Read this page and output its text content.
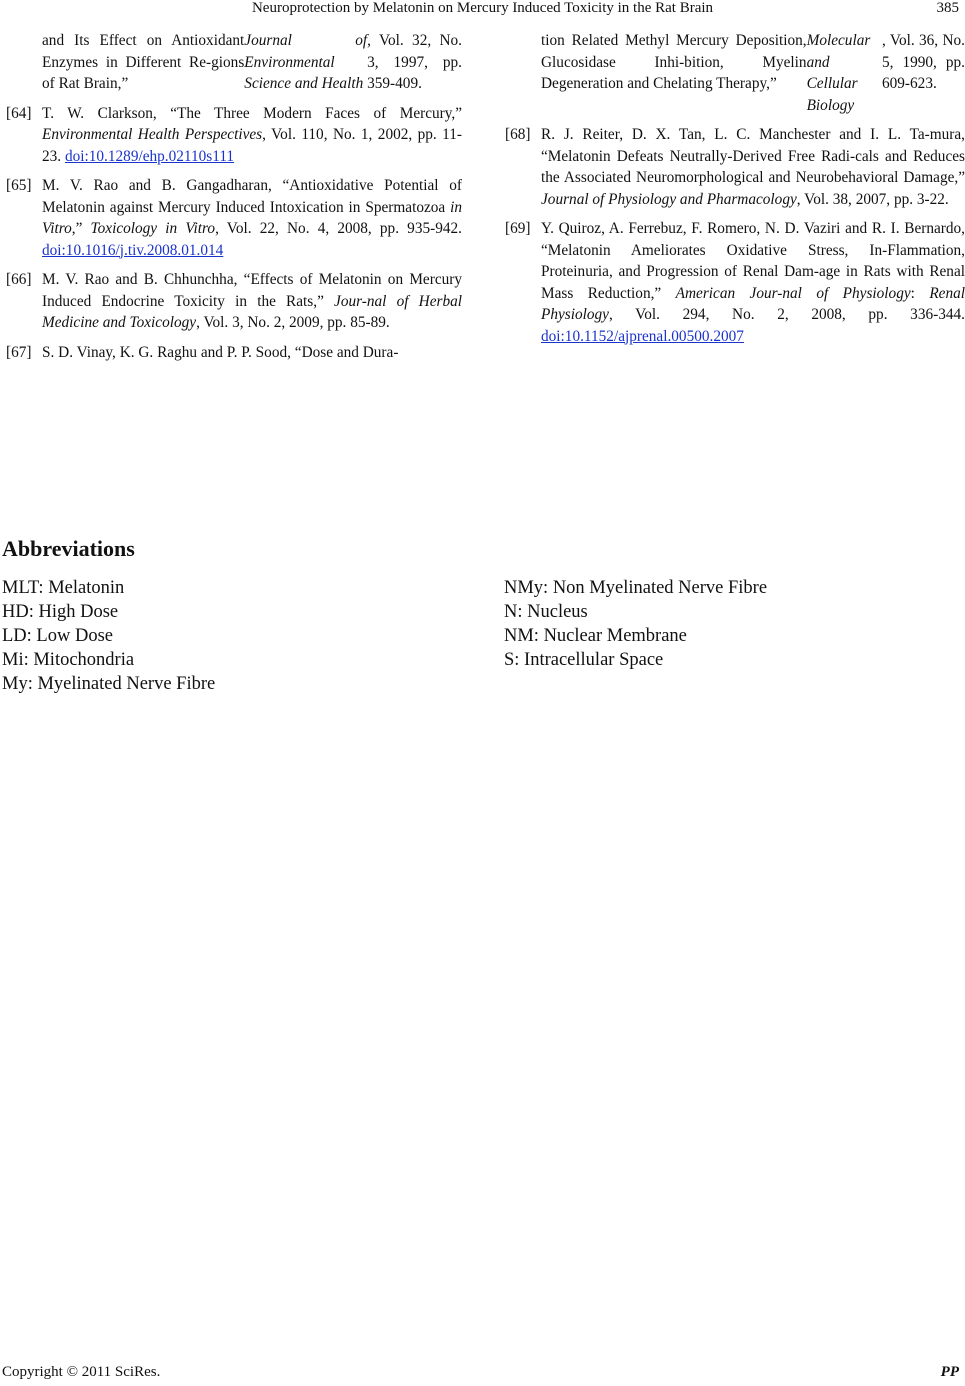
Neuroprotection by Melatonin on Mercury Induced Toxicity in the Rat Brain	385
and Its Effect on Antioxidant Enzymes in Different Re-gions of Rat Brain,”
Journal of Environmental Science and Health
, Vol. 32, No. 3, 1997, pp. 359-409.
[64] T. W. Clarkson, “The Three Modern Faces of Mercury,” Environmental Health Perspectives, Vol. 110, No. 1, 2002, pp. 11-23. doi:10.1289/ehp.02110s111
[65] M. V. Rao and B. Gangadharan, “Antioxidative Potential of Melatonin against Mercury Induced Intoxication in Spermatozoa in Vitro,” Toxicology in Vitro, Vol. 22, No. 4, 2008, pp. 935-942. doi:10.1016/j.tiv.2008.01.014
[66] M. V. Rao and B. Chhunchha, “Effects of Melatonin on Mercury Induced Endocrine Toxicity in the Rats,” Jour-nal of Herbal Medicine and Toxicology, Vol. 3, No. 2, 2009, pp. 85-89.
[67] S. D. Vinay, K. G. Raghu and P. P. Sood, “Dose and Dura-
tion Related Methyl Mercury Deposition, Glucosidase Inhi-bition, Myelin Degeneration and Chelating Therapy,”
Molecular and Cellular Biology
, Vol. 36, No. 5, 1990, pp. 609-623.
[68] R. J. Reiter, D. X. Tan, L. C. Manchester and I. L. Ta-mura, “Melatonin Defeats Neutrally-Derived Free Radi-cals and Reduces the Associated Neuromorphological and Neurobehavioral Damage,” Journal of Physiology and Pharmacology, Vol. 38, 2007, pp. 3-22.
[69] Y. Quiroz, A. Ferrebuz, F. Romero, N. D. Vaziri and R. I. Bernardo, “Melatonin Ameliorates Oxidative Stress, In-Flammation, Proteinuria, and Progression of Renal Dam-age in Rats with Renal Mass Reduction,” American Jour-nal of Physiology: Renal Physiology, Vol. 294, No. 2, 2008, pp. 336-344. doi:10.1152/ajprenal.00500.2007
Abbreviations
MLT: Melatonin
HD: High Dose
LD: Low Dose
Mi: Mitochondria
My: Myelinated Nerve Fibre
NMy: Non Myelinated Nerve Fibre
N: Nucleus
NM: Nuclear Membrane
S: Intracellular Space
Copyright © 2011 SciRes.	PP
